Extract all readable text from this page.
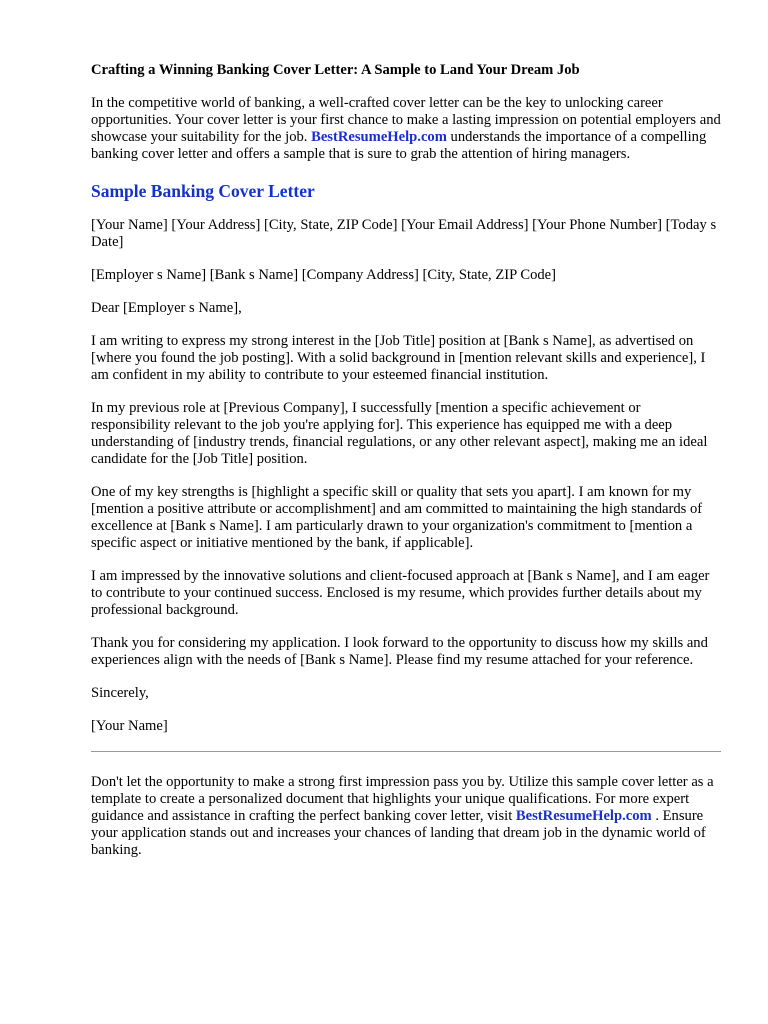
Crafting a Winning Banking Cover Letter: A Sample to Land Your Dream Job

In the competitive world of banking, a well-crafted cover letter can be the key to unlocking career opportunities. Your cover letter is your first chance to make a lasting impression on potential employers and showcase your suitability for the job. BestResumeHelp.com understands the importance of a compelling banking cover letter and offers a sample that is sure to grab the attention of hiring managers.

Sample Banking Cover Letter

[Your Name] [Your Address] [City, State, ZIP Code] [Your Email Address] [Your Phone Number] [Today s Date]

[Employer s Name] [Bank s Name] [Company Address] [City, State, ZIP Code]

Dear [Employer s Name],

I am writing to express my strong interest in the [Job Title] position at [Bank s Name], as advertised on [where you found the job posting]. With a solid background in [mention relevant skills and experience], I am confident in my ability to contribute to your esteemed financial institution.

In my previous role at [Previous Company], I successfully [mention a specific achievement or responsibility relevant to the job you're applying for]. This experience has equipped me with a deep understanding of [industry trends, financial regulations, or any other relevant aspect], making me an ideal candidate for the [Job Title] position.

One of my key strengths is [highlight a specific skill or quality that sets you apart]. I am known for my [mention a positive attribute or accomplishment] and am committed to maintaining the high standards of excellence at [Bank s Name]. I am particularly drawn to your organization's commitment to [mention a specific aspect or initiative mentioned by the bank, if applicable].

I am impressed by the innovative solutions and client-focused approach at [Bank s Name], and I am eager to contribute to your continued success. Enclosed is my resume, which provides further details about my professional background.

Thank you for considering my application. I look forward to the opportunity to discuss how my skills and experiences align with the needs of [Bank s Name]. Please find my resume attached for your reference.

Sincerely,

[Your Name]

Don't let the opportunity to make a strong first impression pass you by. Utilize this sample cover letter as a template to create a personalized document that highlights your unique qualifications. For more expert guidance and assistance in crafting the perfect banking cover letter, visit BestResumeHelp.com . Ensure your application stands out and increases your chances of landing that dream job in the dynamic world of banking.
